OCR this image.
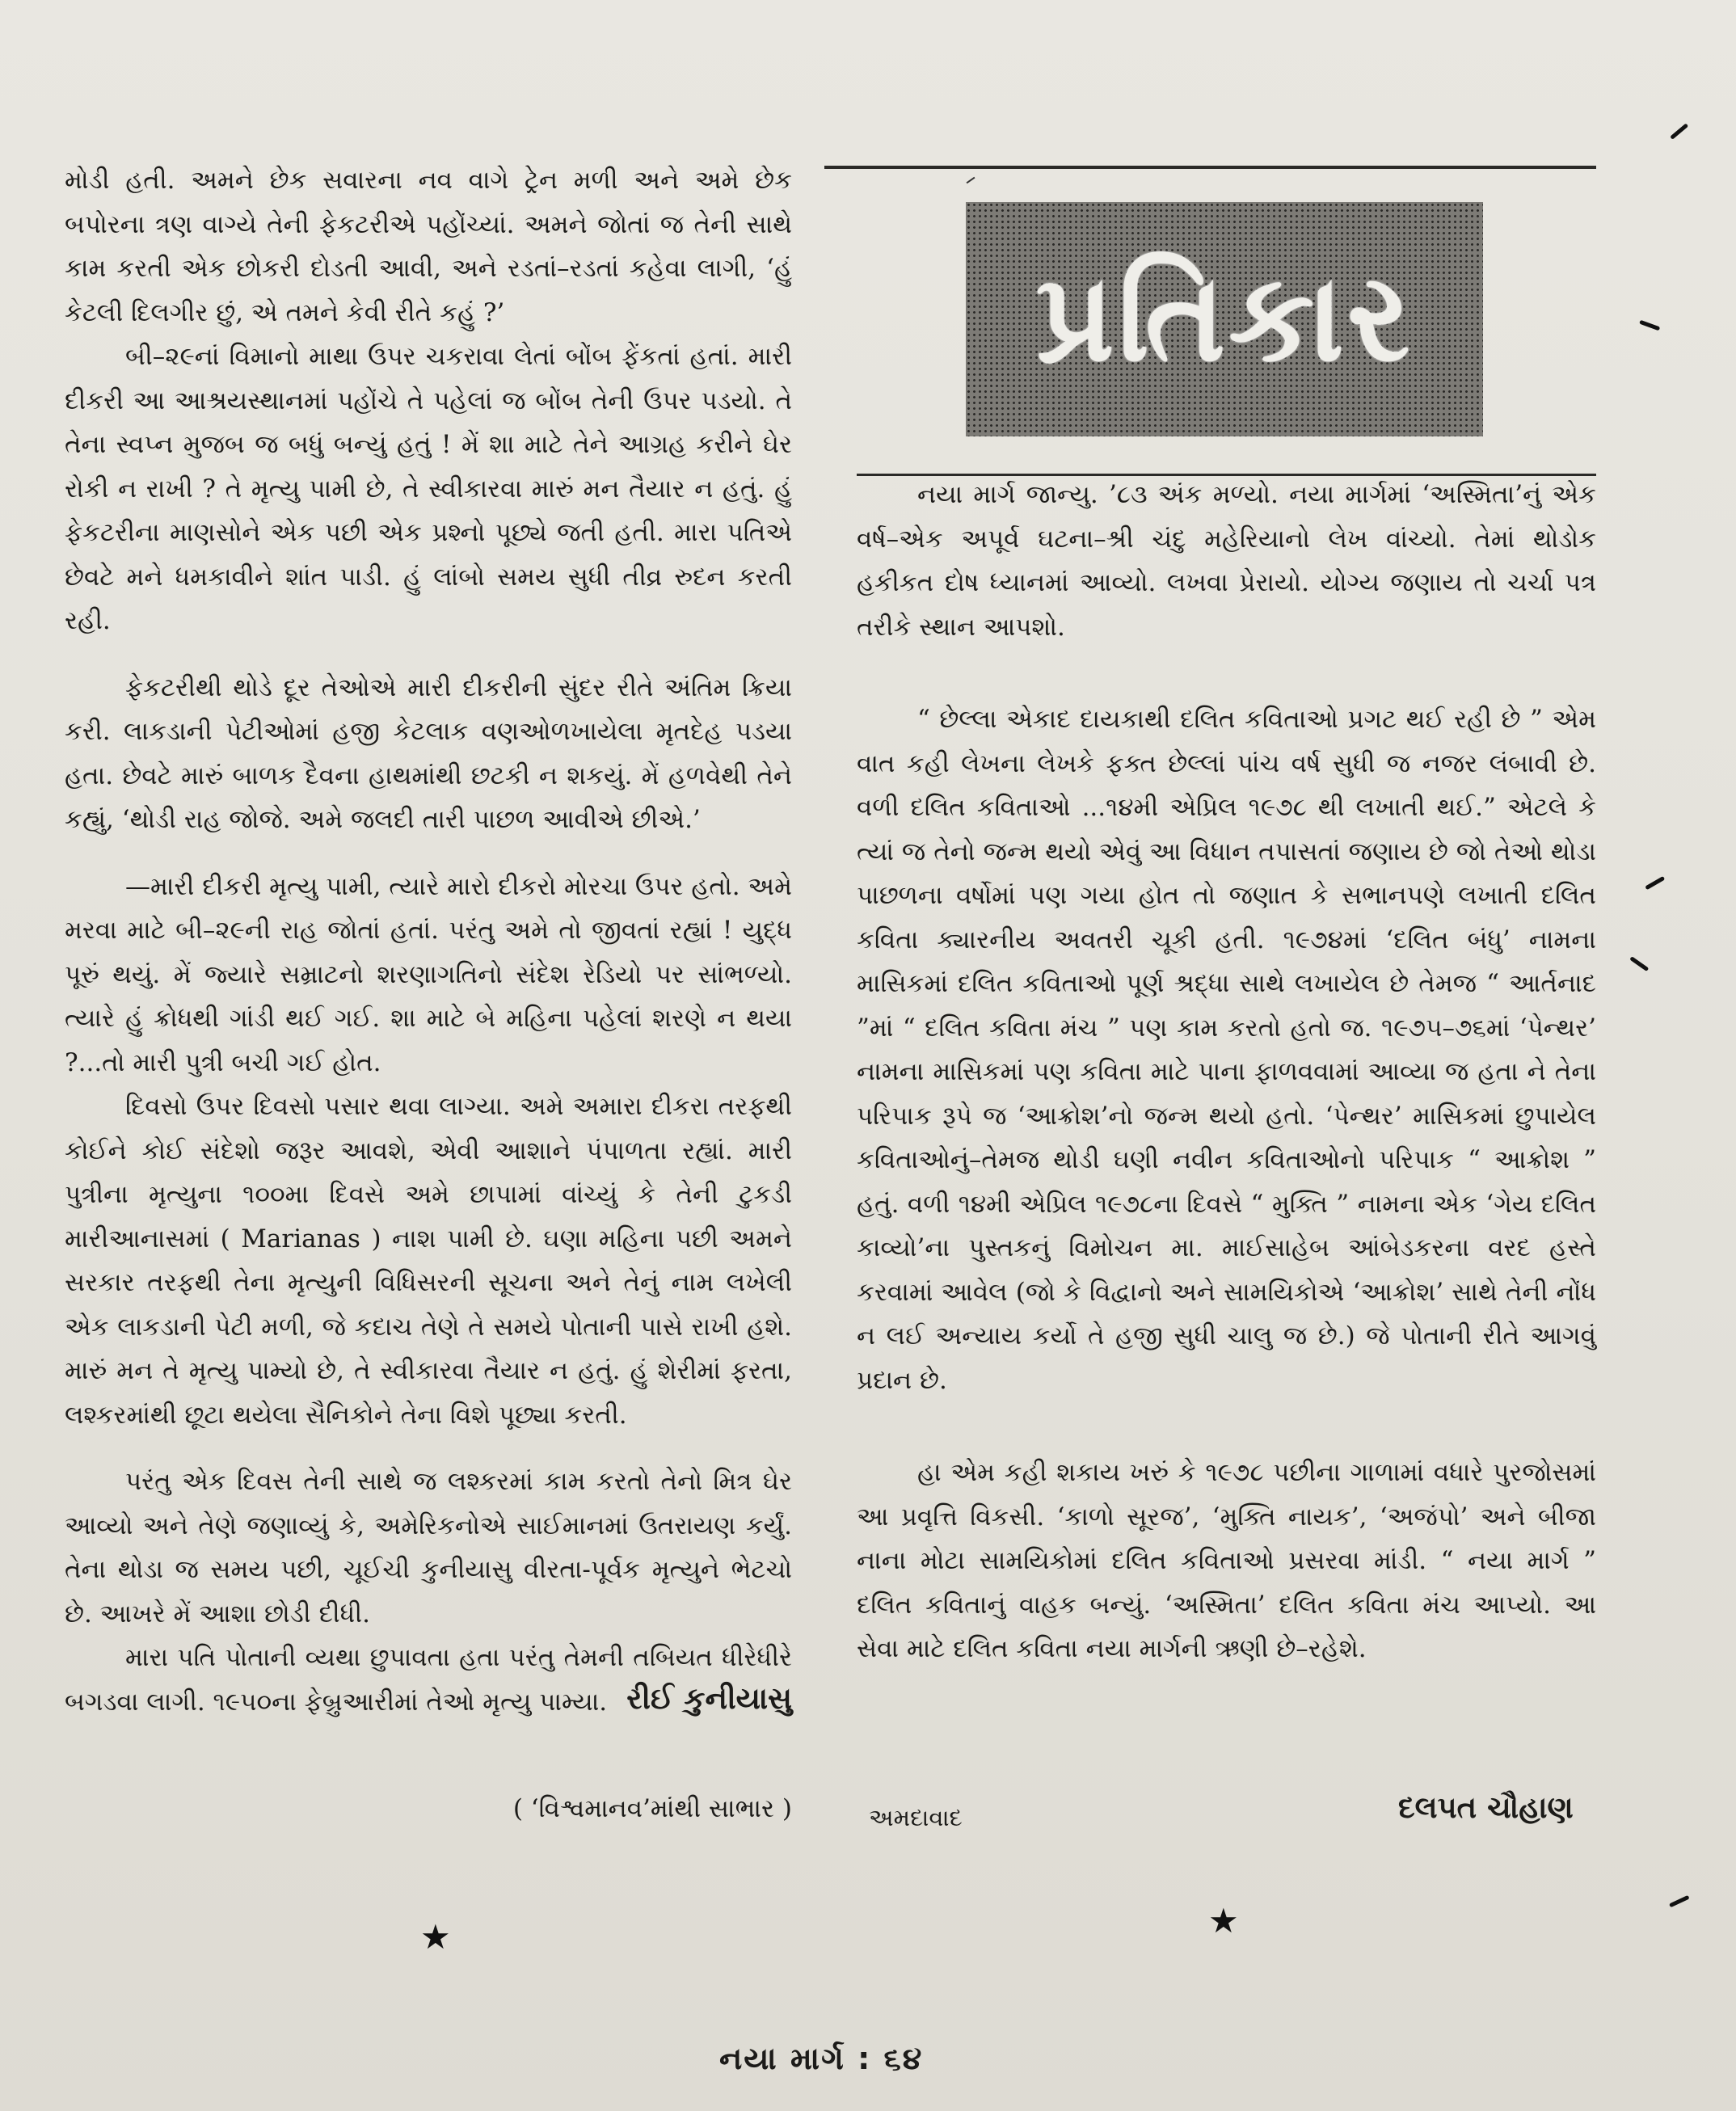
મોડી હતી. અમને છેક સવારના નવ વાગે ટ્રેન મળી અને અમે છેક બપોરના ત્રણ વાગ્યે તેની ફેકટરીએ પહોંચ્યાં. અમને જોતાં જ તેની સાથે કામ કરતી એક છોકરી દોડતી આવી, અને રડતાં–રડતાં કહેવા લાગી, ‘હું કેટલી દિલગીર છું, એ તમને કેવી રીતે કહું ?’

બી–૨૯નાં વિમાનો માથા ઉપર ચકરાવા લેતાં બોંબ ફેંકતાં હતાં. મારી દીકરી આ આશ્રયસ્થાનમાં પહોંચે તે પહેલાં જ બોંબ તેની ઉપર પડયો. તે તેના સ્વપ્ન મુજબ જ બધું બન્યું હતું ! મેં શા માટે તેને આગ્રહ કરીને ઘેર રોકી ન રાખી ? તે મૃત્યુ પામી છે, તે સ્વીકારવા મારું મન તૈયાર ન હતું. હું ફેકટરીના માણસોને એક પછી એક પ્રશ્નો પૂછ્યે જતી હતી. મારા પતિએ છેવટે મને ધમકાવીને શાંત પાડી. હું લાંબો સમય સુધી તીવ્ર રુદન કરતી રહી.

ફેકટરીથી થોડે દૂર તેઓએ મારી દીકરીની સુંદર રીતે અંતિમ ક્રિયા કરી. લાકડાની પેટીઓમાં હજી કેટલાક વણઓળખાયેલા મૃતદેહ પડયા હતા. છેવટે મારું બાળક દૈવના હાથમાંથી છટકી ન શકયું. મેં હળવેથી તેને કહ્યું, ‘થોડી રાહ જોજે. અમે જલદી તારી પાછળ આવીએ છીએ.’

—મારી દીકરી મૃત્યુ પામી, ત્યારે મારો દીકરો મોરચા ઉપર હતો. અમે મરવા માટે બી–૨૯ની રાહ જોતાં હતાં. પરંતુ અમે તો જીવતાં રહ્યાં ! યુદ્ધ પૂરું થયું. મેં જ્યારે સમ્રાટનો શરણાગતિનો સંદેશ રેડિયો પર સાંભળ્યો. ત્યારે હું ક્રોધથી ગાંડી થઈ ગઈ. શા માટે બે મહિના પહેલાં શરણે ન થયા ?...તો મારી પુત્રી બચી ગઈ હોત.

દિવસો ઉપર દિવસો પસાર થવા લાગ્યા. અમે અમારા દીકરા તરફથી કોઈને કોઈ સંદેશો જરૂર આવશે, એવી આશાને પંપાળતા રહ્યાં. મારી પુત્રીના મૃત્યુના ૧૦૦મા દિવસે અમે છાપામાં વાંચ્યું કે તેની ટુકડી મારીઆનાસમાં ( Marianas ) નાશ પામી છે. ઘણા મહિના પછી અમને સરકાર તરફથી તેના મૃત્યુની વિધિસરની સૂચના અને તેનું નામ લખેલી એક લાકડાની પેટી મળી, જે કદાચ તેણે તે સમયે પોતાની પાસે રાખી હશે. મારું મન તે મૃત્યુ પામ્યો છે, તે સ્વીકારવા તૈયાર ન હતું. હું શેરીમાં ફરતા, લશ્કરમાંથી છૂટા થયેલા સૈનિકોને તેના વિશે પૂછ્યા કરતી.

પરંતુ એક દિવસ તેની સાથે જ લશ્કરમાં કામ કરતો તેનો મિત્ર ઘેર આવ્યો અને તેણે જણાવ્યું કે, અમેરિકનોએ સાઈમાનમાં ઉતરાયણ કર્યું. તેના થોડા જ સમય પછી, ચૂઈચી કુનીયાસુ વીરતા-પૂર્વક મૃત્યુને ભેટચો છે. આખરે મેં આશા છોડી દીધી.

મારા પતિ પોતાની વ્યથા છુપાવતા હતા પરંતુ તેમની તબિયત ધીરેધીરે બગડવા લાગી. ૧૯૫૦ના ફેબ્રુઆરીમાં તેઓ મૃત્યુ પામ્યા. રીઈ કુનીયાસુ
( ‘વિશ્વમાનવ’માંથી સાભાર )
પ્રતિકાર

નયા માર્ગ જાન્યુ. ’૮૩ અંક મળ્યો. નયા માર્ગમાં ‘અસ્મિતા’નું એક વર્ષ–એક અપૂર્વ ઘટના–શ્રી ચંદુ મહેરિયાનો લેખ વાંચ્યો. તેમાં થોડોક હકીકત દોષ ધ્યાનમાં આવ્યો. લખવા પ્રેરાયો. યોગ્ય જણાય તો ચર્ચા પત્ર તરીકે સ્થાન આપશો.

“ છેલ્લા એકાદ દાયકાથી દલિત કવિતાઓ પ્રગટ થઈ રહી છે ” એમ વાત કહી લેખના લેખકે ફક્ત છેલ્લાં પાંચ વર્ષ સુધી જ નજર લંબાવી છે. વળી દલિત કવિતાઓ ...૧૪મી એપ્રિલ ૧૯૭૮ થી લખાતી થઈ.” એટલે કે ત્યાં જ તેનો જન્મ થયો એવું આ વિધાન તપાસતાં જણાય છે જો તેઓ થોડા પાછળના વર્ષોમાં પણ ગયા હોત તો જણાત કે સભાનપણે લખાતી દલિત કવિતા ક્યારનીય અવતરી ચૂકી હતી. ૧૯૭૪માં ‘દલિત બંધુ’ નામના માસિકમાં દલિત કવિતાઓ પૂર્ણ શ્રદ્ધા સાથે લખાયેલ છે તેમજ “ આર્તનાદ ”માં “ દલિત કવિતા મંચ ” પણ કામ કરતો હતો જ. ૧૯૭૫–૭૬માં ‘પેન્થર’ નામના માસિકમાં પણ કવિતા માટે પાના ફાળવવામાં આવ્યા જ હતા ને તેના પરિપાક રૂપે જ ‘આક્રોશ’નો જન્મ થયો હતો. ‘પેન્થર’ માસિકમાં છુપાયેલ કવિતાઓનું–તેમજ થોડી ઘણી નવીન કવિતાઓનો પરિપાક “ આક્રોશ ” હતું. વળી ૧૪મી એપ્રિલ ૧૯૭૮ના દિવસે “ મુક્તિ ” નામના એક ‘ગેય દલિત કાવ્યો’ના પુસ્તકનું વિમોચન મા. માઈસાહેબ આંબેડકરના વરદ હસ્તે કરવામાં આવેલ (જો કે વિદ્વાનો અને સામયિકોએ ‘આક્રોશ’ સાથે તેની નોંધ ન લઈ અન્યાય કર્યો તે હજી સુધી ચાલુ જ છે.) જે પોતાની રીતે આગવું પ્રદાન છે.

હા એમ કહી શકાય ખરું કે ૧૯૭૮ પછીના ગાળામાં વધારે પુરજોસમાં આ પ્રવૃત્તિ વિકસી. ‘કાળો સૂરજ’, ‘મુક્તિ નાયક’, ‘અજંપો’ અને બીજા નાના મોટા સામયિકોમાં દલિત કવિતાઓ પ્રસરવા માંડી. “ નયા માર્ગ ” દલિત કવિતાનું વાહક બન્યું. ‘અસ્મિતા’ દલિત કવિતા મંચ આપ્યો. આ સેવા માટે દલિત કવિતા નયા માર્ગની ઋણી છે–રહેશે.

અમદાવાદ	દલપત ચૌહાણ
★	★
નયા માર્ગ : ૬૪
